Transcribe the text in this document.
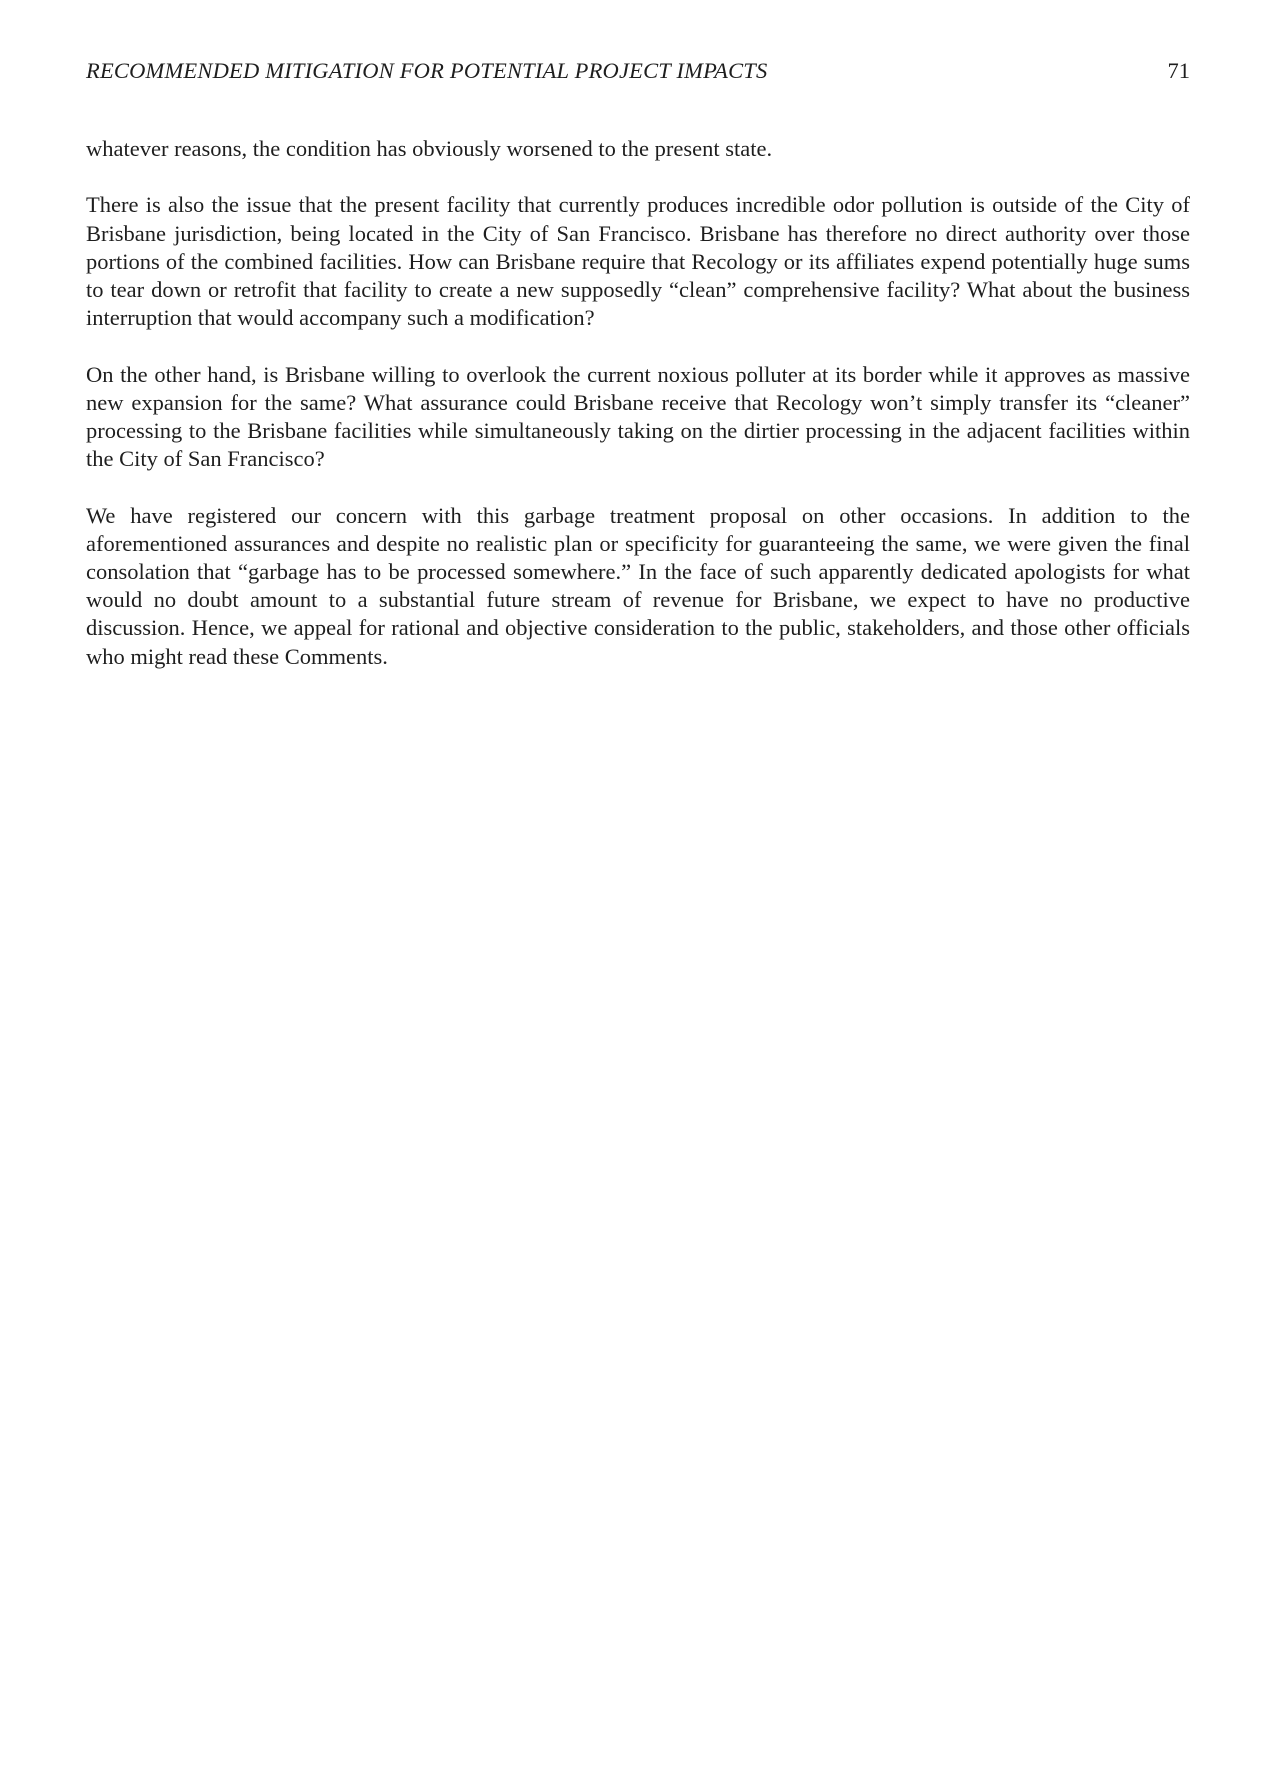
RECOMMENDED MITIGATION FOR POTENTIAL PROJECT IMPACTS	71

whatever reasons, the condition has obviously worsened to the present state.

There is also the issue that the present facility that currently produces incredible odor pollution is outside of the City of Brisbane jurisdiction, being located in the City of San Francisco. Brisbane has therefore no direct authority over those portions of the combined facilities. How can Brisbane require that Recology or its affiliates expend potentially huge sums to tear down or retrofit that facility to create a new supposedly “clean” comprehensive facility? What about the business interruption that would accompany such a modification?

On the other hand, is Brisbane willing to overlook the current noxious polluter at its border while it approves as massive new expansion for the same? What assurance could Brisbane receive that Recology won’t simply transfer its “cleaner” processing to the Brisbane facilities while simultaneously taking on the dirtier processing in the adjacent facilities within the City of San Francisco?

We have registered our concern with this garbage treatment proposal on other occasions. In addition to the aforementioned assurances and despite no realistic plan or specificity for guaranteeing the same, we were given the final consolation that “garbage has to be processed somewhere.” In the face of such apparently dedicated apologists for what would no doubt amount to a substantial future stream of revenue for Brisbane, we expect to have no productive discussion. Hence, we appeal for rational and objective consideration to the public, stakeholders, and those other officials who might read these Comments.
